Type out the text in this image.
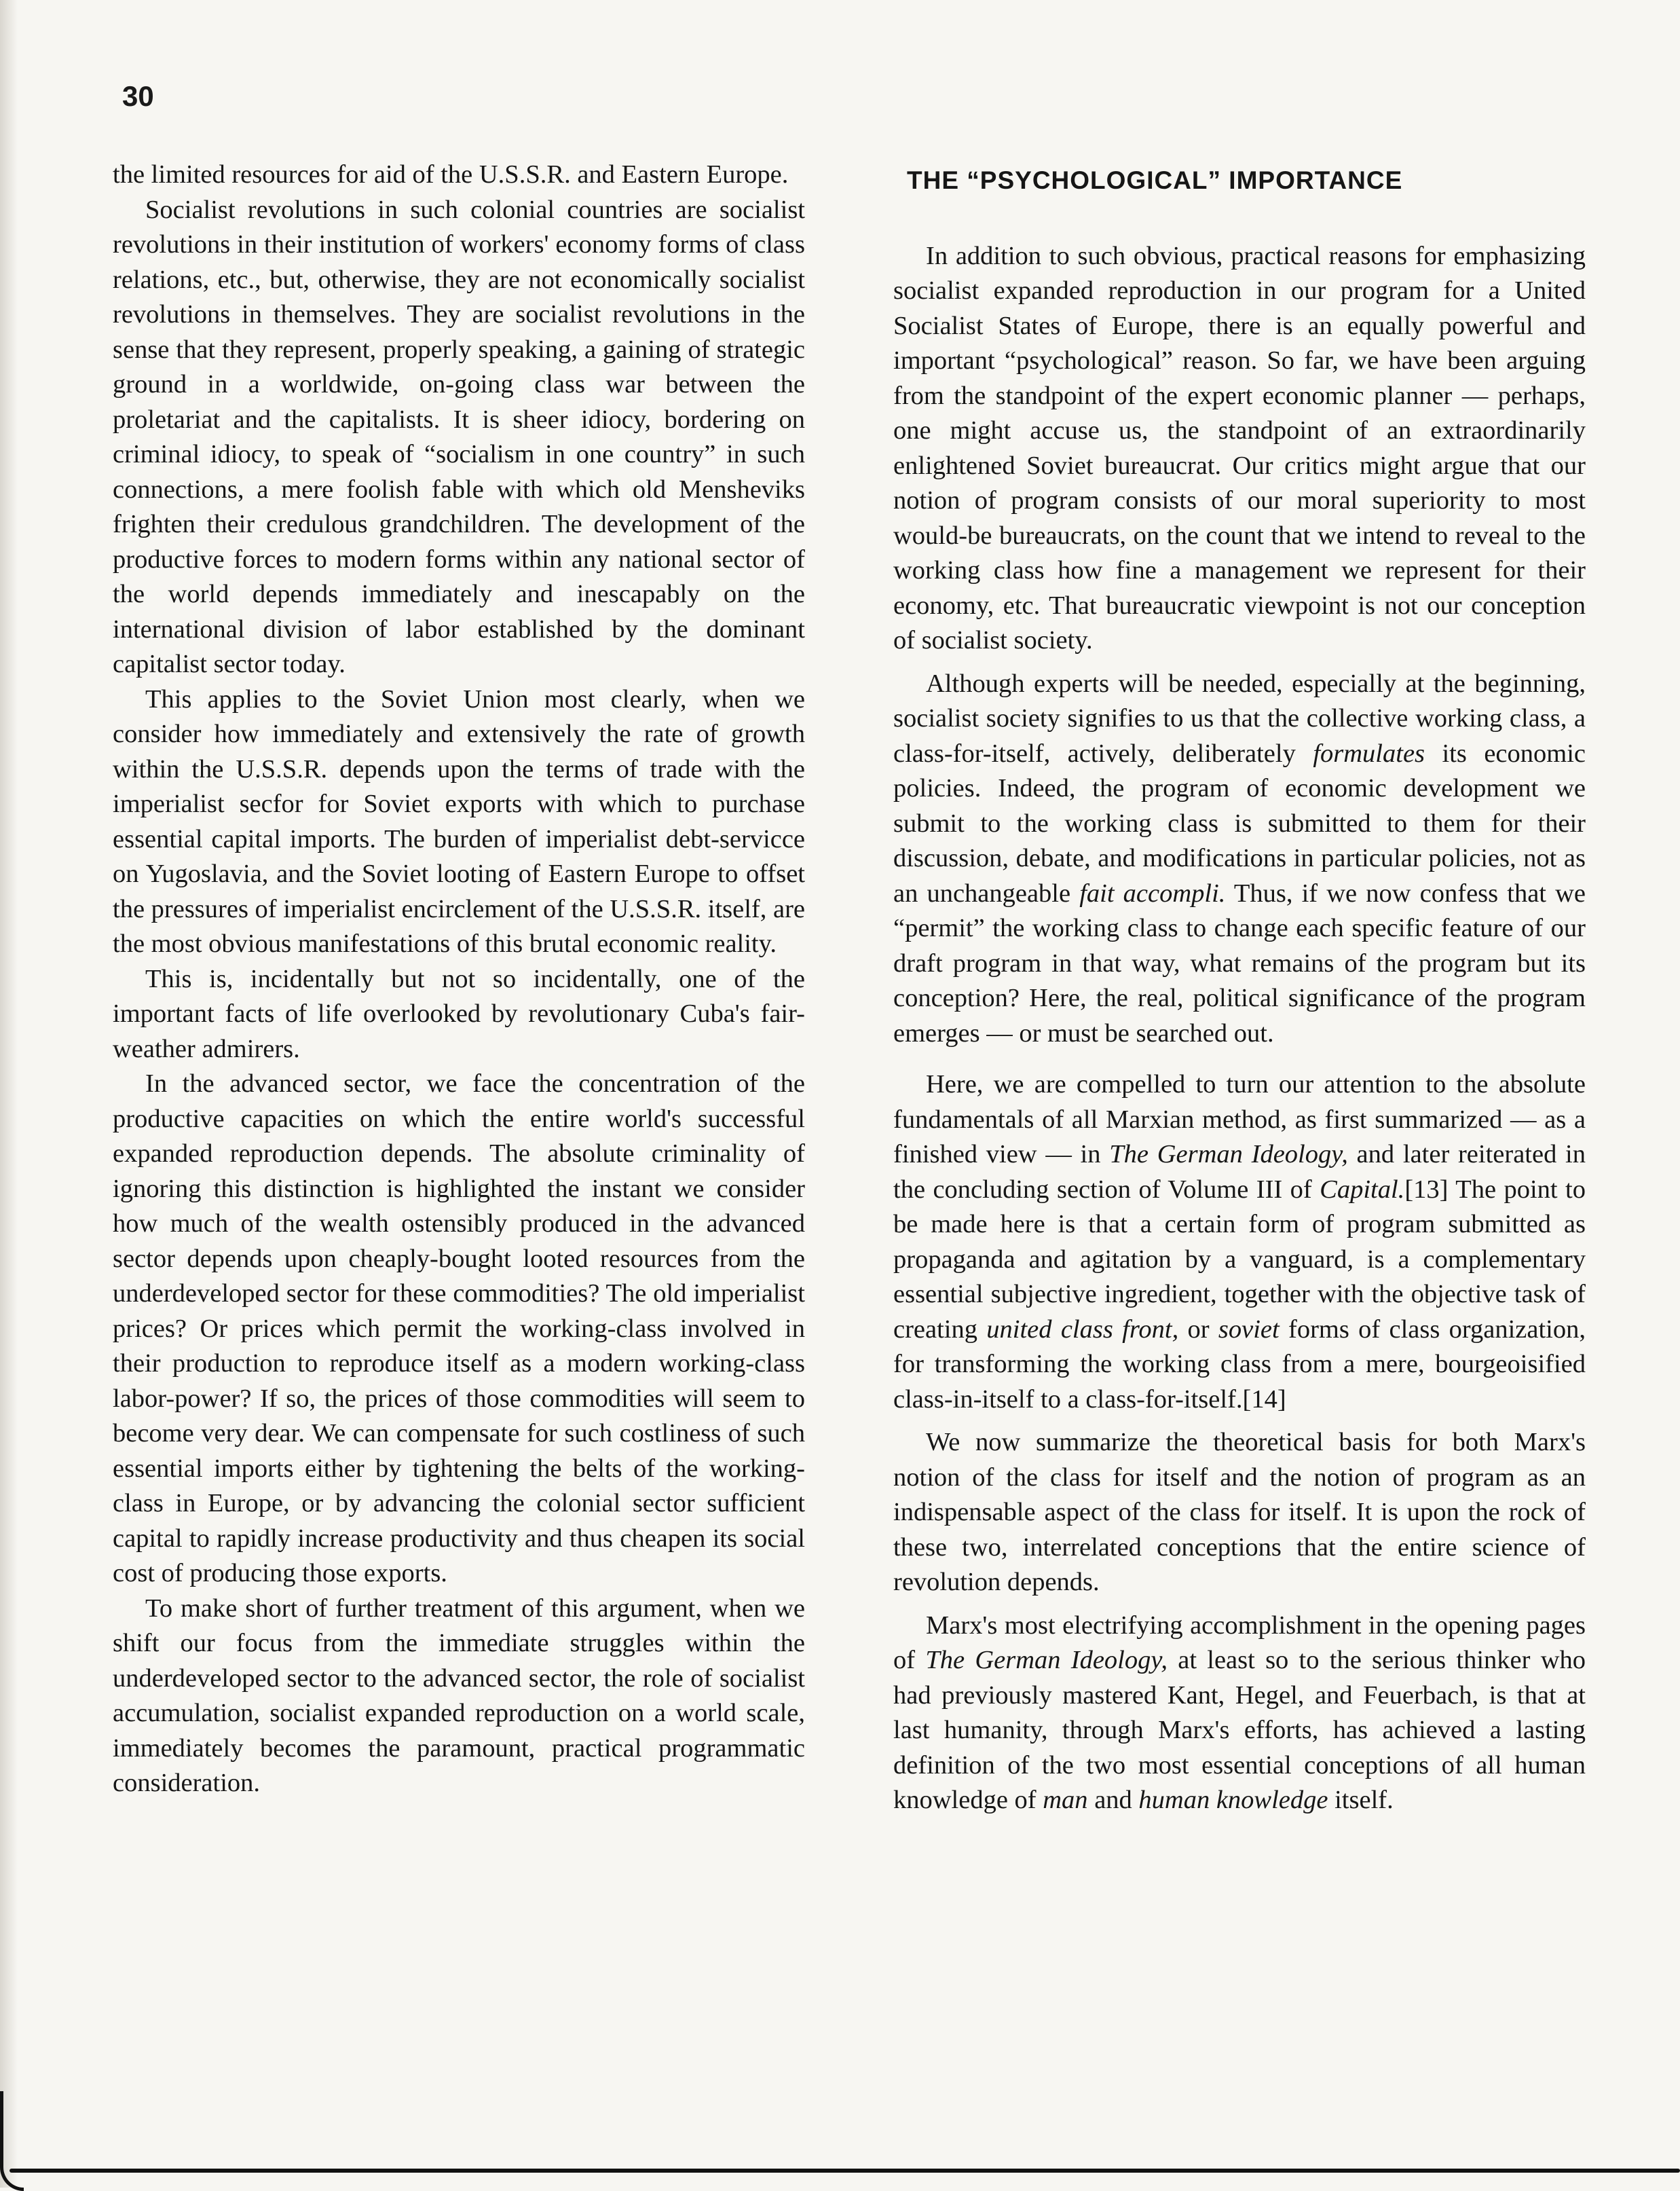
30

the limited resources for aid of the U.S.S.R. and Eastern Europe.

Socialist revolutions in such colonial countries are socialist revolutions in their institution of workers' economy forms of class relations, etc., but, otherwise, they are not economically socialist revolutions in themselves. They are socialist revolutions in the sense that they represent, properly speaking, a gaining of strategic ground in a worldwide, on-going class war between the proletariat and the capitalists. It is sheer idiocy, bordering on criminal idiocy, to speak of “socialism in one country” in such connections, a mere foolish fable with which old Mensheviks frighten their credulous grandchildren. The development of the productive forces to modern forms within any national sector of the world depends immediately and inescapably on the international division of labor established by the dominant capitalist sector today.

This applies to the Soviet Union most clearly, when we consider how immediately and extensively the rate of growth within the U.S.S.R. depends upon the terms of trade with the imperialist secfor for Soviet exports with which to purchase essential capital imports. The burden of imperialist debt-servicce on Yugoslavia, and the Soviet looting of Eastern Europe to offset the pressures of imperialist encirclement of the U.S.S.R. itself, are the most obvious manifestations of this brutal economic reality.

This is, incidentally but not so incidentally, one of the important facts of life overlooked by revolutionary Cuba's fair-weather admirers.

In the advanced sector, we face the concentration of the productive capacities on which the entire world's successful expanded reproduction depends. The absolute criminality of ignoring this distinction is highlighted the instant we consider how much of the wealth ostensibly produced in the advanced sector depends upon cheaply-bought looted resources from the underdeveloped sector for these commodities? The old imperialist prices? Or prices which permit the working-class involved in their production to reproduce itself as a modern working-class labor-power? If so, the prices of those commodities will seem to become very dear. We can compensate for such costliness of such essential imports either by tightening the belts of the working-class in Europe, or by advancing the colonial sector sufficient capital to rapidly increase productivity and thus cheapen its social cost of producing those exports.

To make short of further treatment of this argument, when we shift our focus from the immediate struggles within the underdeveloped sector to the advanced sector, the role of socialist accumulation, socialist expanded reproduction on a world scale, immediately becomes the paramount, practical programmatic consideration.

THE “PSYCHOLOGICAL” IMPORTANCE

In addition to such obvious, practical reasons for emphasizing socialist expanded reproduction in our program for a United Socialist States of Europe, there is an equally powerful and important “psychological” reason. So far, we have been arguing from the standpoint of the expert economic planner — perhaps, one might accuse us, the standpoint of an extraordinarily enlightened Soviet bureaucrat. Our critics might argue that our notion of program consists of our moral superiority to most would-be bureaucrats, on the count that we intend to reveal to the working class how fine a management we represent for their economy, etc. That bureaucratic viewpoint is not our conception of socialist society.

Although experts will be needed, especially at the beginning, socialist society signifies to us that the collective working class, a class-for-itself, actively, deliberately formulates its economic policies. Indeed, the program of economic development we submit to the working class is submitted to them for their discussion, debate, and modifications in particular policies, not as an unchangeable fait accompli. Thus, if we now confess that we “permit” the working class to change each specific feature of our draft program in that way, what remains of the program but its conception? Here, the real, political significance of the program emerges — or must be searched out.

Here, we are compelled to turn our attention to the absolute fundamentals of all Marxian method, as first summarized — as a finished view — in The German Ideology, and later reiterated in the concluding section of Volume III of Capital.[13] The point to be made here is that a certain form of program submitted as propaganda and agitation by a vanguard, is a complementary essential subjective ingredient, together with the objective task of creating united class front, or soviet forms of class organization, for transforming the working class from a mere, bourgeoisified class-in-itself to a class-for-itself.[14]

We now summarize the theoretical basis for both Marx's notion of the class for itself and the notion of program as an indispensable aspect of the class for itself. It is upon the rock of these two, interrelated conceptions that the entire science of revolution depends.

Marx's most electrifying accomplishment in the opening pages of The German Ideology, at least so to the serious thinker who had previously mastered Kant, Hegel, and Feuerbach, is that at last humanity, through Marx's efforts, has achieved a lasting definition of the two most essential conceptions of all human knowledge of man and human knowledge itself.
